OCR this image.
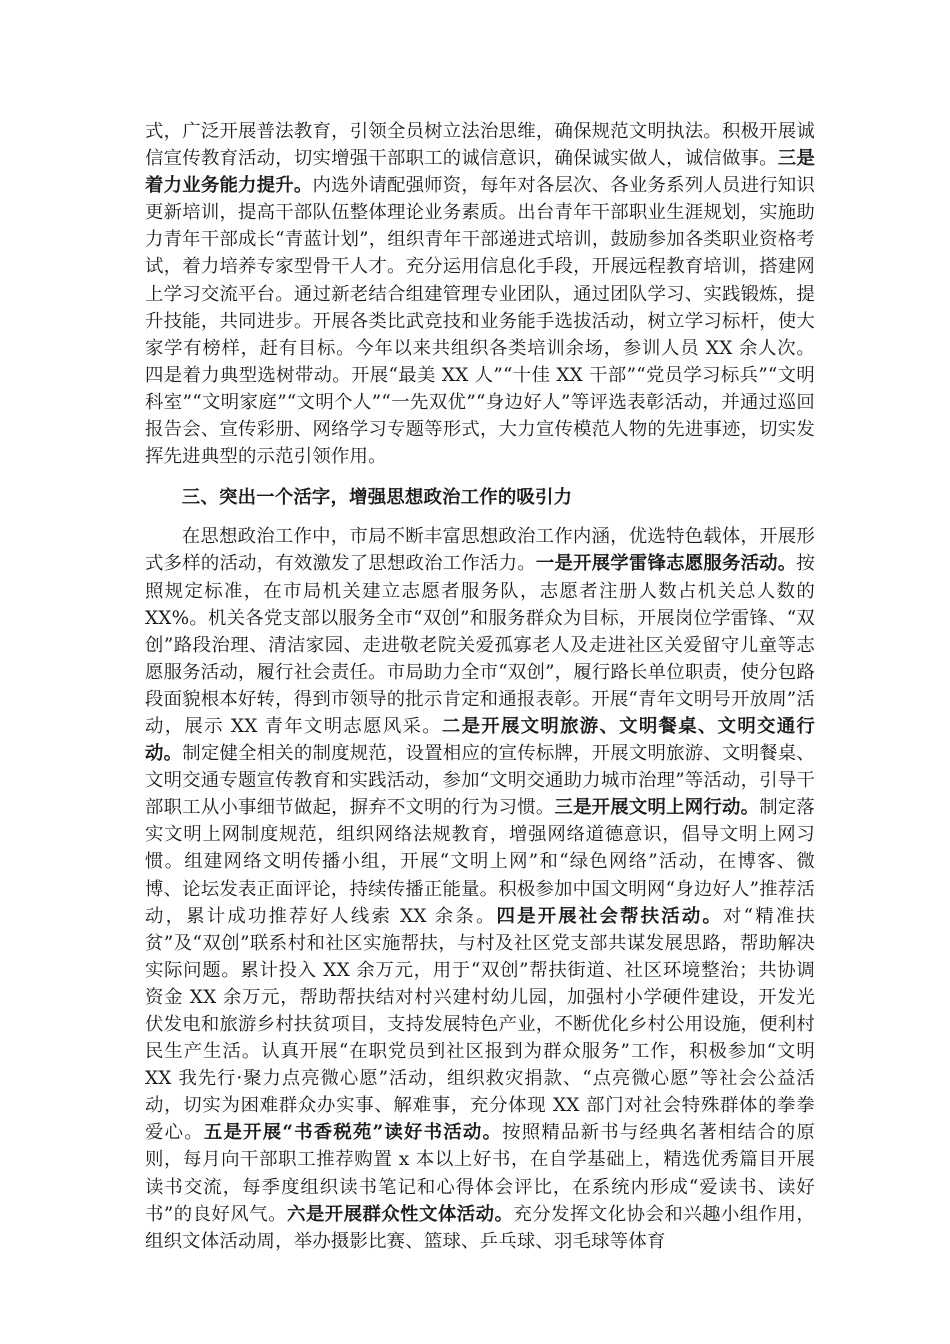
式，广泛开展普法教育，引领全员树立法治思维，确保规范文明执法。积极开展诚信宣传教育活动，切实增强干部职工的诚信意识，确保诚实做人，诚信做事。三是着力业务能力提升。内选外请配强师资，每年对各层次、各业务系列人员进行知识更新培训，提高干部队伍整体理论业务素质。出台青年干部职业生涯规划，实施助力青年干部成长“青蓝计划”，组织青年干部递进式培训，鼓励参加各类职业资格考试，着力培养专家型骨干人才。充分运用信息化手段，开展远程教育培训，搭建网上学习交流平台。通过新老结合组建管理专业团队，通过团队学习、实践锻炼，提升技能，共同进步。开展各类比武竞技和业务能手选拔活动，树立学习标杆，使大家学有榜样，赶有目标。今年以来共组织各类培训余场，参训人员 XX 余人次。四是着力典型选树带动。开展“最美 XX 人”“十佳 XX 干部”“党员学习标兵”“文明科室”“文明家庭”“文明个人”“一先双优”“身边好人”等评选表彰活动，并通过巡回报告会、宣传彩册、网络学习专题等形式，大力宣传模范人物的先进事迹，切实发挥先进典型的示范引领作用。

三、突出一个活字，增强思想政治工作的吸引力

在思想政治工作中，市局不断丰富思想政治工作内涵，优选特色载体，开展形式多样的活动，有效激发了思想政治工作活力。一是开展学雷锋志愿服务活动。按照规定标准，在市局机关建立志愿者服务队，志愿者注册人数占机关总人数的 XX%。机关各党支部以服务全市“双创”和服务群众为目标，开展岗位学雷锋、“双创”路段治理、清洁家园、走进敬老院关爱孤寡老人及走进社区关爱留守儿童等志愿服务活动，履行社会责任。市局助力全市“双创”，履行路长单位职责，使分包路段面貌根本好转，得到市领导的批示肯定和通报表彰。开展“青年文明号开放周”活动，展示 XX 青年文明志愿风采。二是开展文明旅游、文明餐桌、文明交通行动。制定健全相关的制度规范，设置相应的宣传标牌，开展文明旅游、文明餐桌、文明交通专题宣传教育和实践活动，参加“文明交通助力城市治理”等活动，引导干部职工从小事细节做起，摒弃不文明的行为习惯。三是开展文明上网行动。制定落实文明上网制度规范，组织网络法规教育，增强网络道德意识，倡导文明上网习惯。组建网络文明传播小组，开展“文明上网”和“绿色网络”活动，在博客、微博、论坛发表正面评论，持续传播正能量。积极参加中国文明网“身边好人”推荐活动，累计成功推荐好人线索 XX 余条。四是开展社会帮扶活动。对“精准扶贫”及“双创”联系村和社区实施帮扶，与村及社区党支部共谋发展思路，帮助解决实际问题。累计投入 XX 余万元，用于“双创”帮扶街道、社区环境整治；共协调资金 XX 余万元，帮助帮扶结对村兴建村幼儿园，加强村小学硬件建设，开发光伏发电和旅游乡村扶贫项目，支持发展特色产业，不断优化乡村公用设施，便利村民生产生活。认真开展“在职党员到社区报到为群众服务”工作，积极参加“文明 XX 我先行·聚力点亮微心愿”活动，组织救灾捐款、“点亮微心愿”等社会公益活动，切实为困难群众办实事、解难事，充分体现 XX 部门对社会特殊群体的拳拳爱心。五是开展“书香税苑”读好书活动。按照精品新书与经典名著相结合的原则，每月向干部职工推荐购置 x 本以上好书，在自学基础上，精选优秀篇目开展读书交流，每季度组织读书笔记和心得体会评比，在系统内形成“爱读书、读好书”的良好风气。六是开展群众性文体活动。充分发挥文化协会和兴趣小组作用，组织文体活动周，举办摄影比赛、篮球、乒乓球、羽毛球等体育
